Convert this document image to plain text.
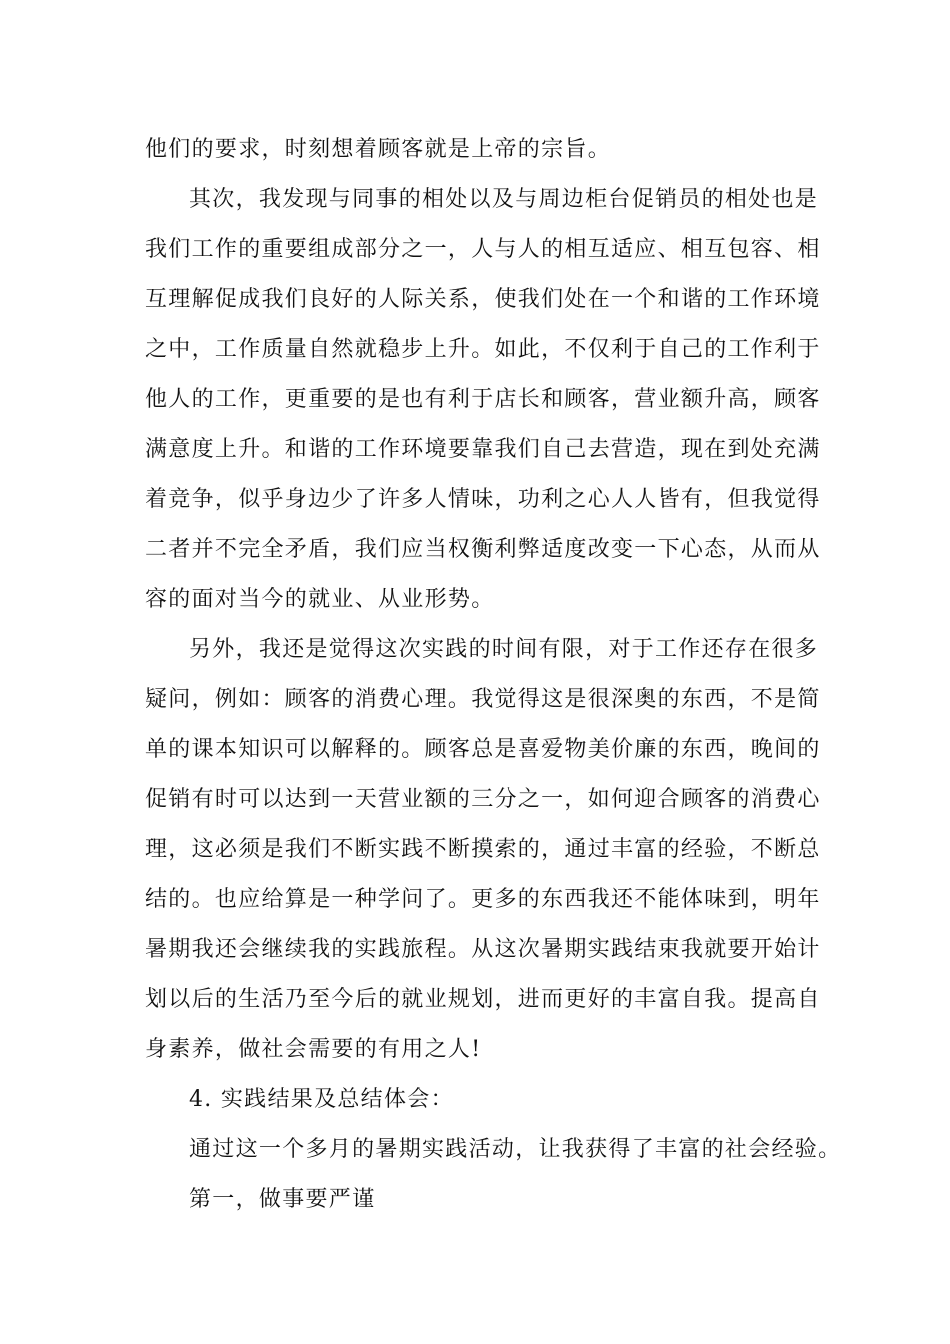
他们的要求，时刻想着顾客就是上帝的宗旨。
其次，我发现与同事的相处以及与周边柜台促销员的相处也是
我们工作的重要组成部分之一，人与人的相互适应、相互包容、相
互理解促成我们良好的人际关系，使我们处在一个和谐的工作环境
之中，工作质量自然就稳步上升。如此，不仅利于自己的工作利于
他人的工作，更重要的是也有利于店长和顾客，营业额升高，顾客
满意度上升。和谐的工作环境要靠我们自己去营造，现在到处充满
着竞争，似乎身边少了许多人情味，功利之心人人皆有，但我觉得
二者并不完全矛盾，我们应当权衡利弊适度改变一下心态，从而从
容的面对当今的就业、从业形势。
另外，我还是觉得这次实践的时间有限，对于工作还存在很多
疑问，例如：顾客的消费心理。我觉得这是很深奥的东西，不是简
单的课本知识可以解释的。顾客总是喜爱物美价廉的东西，晚间的
促销有时可以达到一天营业额的三分之一，如何迎合顾客的消费心
理，这必须是我们不断实践不断摸索的，通过丰富的经验，不断总
结的。也应给算是一种学问了。更多的东西我还不能体味到，明年
暑期我还会继续我的实践旅程。从这次暑期实践结束我就要开始计
划以后的生活乃至今后的就业规划，进而更好的丰富自我。提高自
身素养，做社会需要的有用之人!
4. 实践结果及总结体会：
通过这一个多月的暑期实践活动，让我获得了丰富的社会经验。
第一，做事要严谨
